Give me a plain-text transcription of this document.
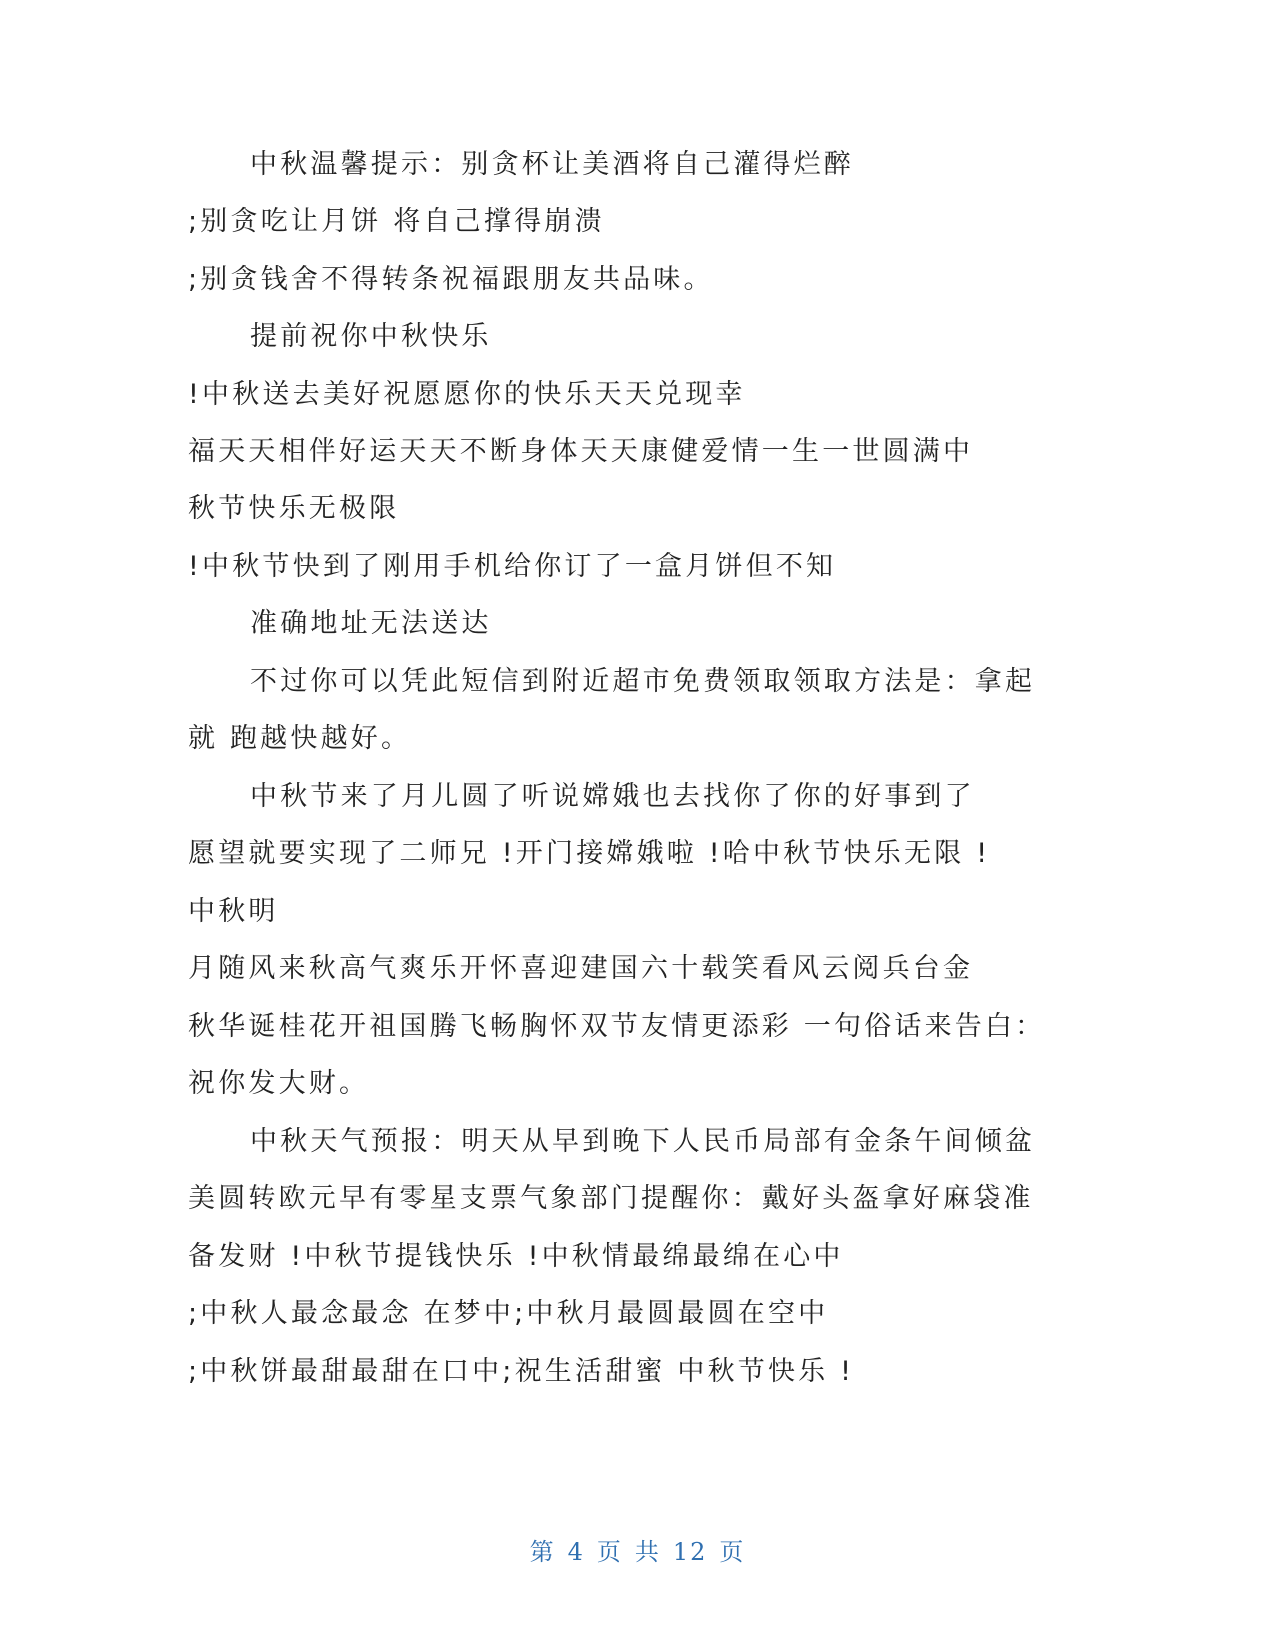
中秋温馨提示：别贪杯让美酒将自己灌得烂醉
;别贪吃让月饼 将自己撑得崩溃
;别贪钱舍不得转条祝福跟朋友共品味。
提前祝你中秋快乐
!中秋送去美好祝愿愿你的快乐天天兑现幸
福天天相伴好运天天不断身体天天康健爱情一生一世圆满中
秋节快乐无极限
!中秋节快到了刚用手机给你订了一盒月饼但不知
准确地址无法送达
不过你可以凭此短信到附近超市免费领取领取方法是：拿起
就 跑越快越好。
中秋节来了月儿圆了听说嫦娥也去找你了你的好事到了
愿望就要实现了二师兄 !开门接嫦娥啦 !哈中秋节快乐无限 !
中秋明
月随风来秋高气爽乐开怀喜迎建国六十载笑看风云阅兵台金
秋华诞桂花开祖国腾飞畅胸怀双节友情更添彩 一句俗话来告白：
祝你发大财。
中秋天气预报：明天从早到晚下人民币局部有金条午间倾盆
美圆转欧元早有零星支票气象部门提醒你：戴好头盔拿好麻袋准
备发财 !中秋节提钱快乐 !中秋情最绵最绵在心中
;中秋人最念最念 在梦中;中秋月最圆最圆在空中
;中秋饼最甜最甜在口中;祝生活甜蜜 中秋节快乐 !
第 4 页 共 12 页
